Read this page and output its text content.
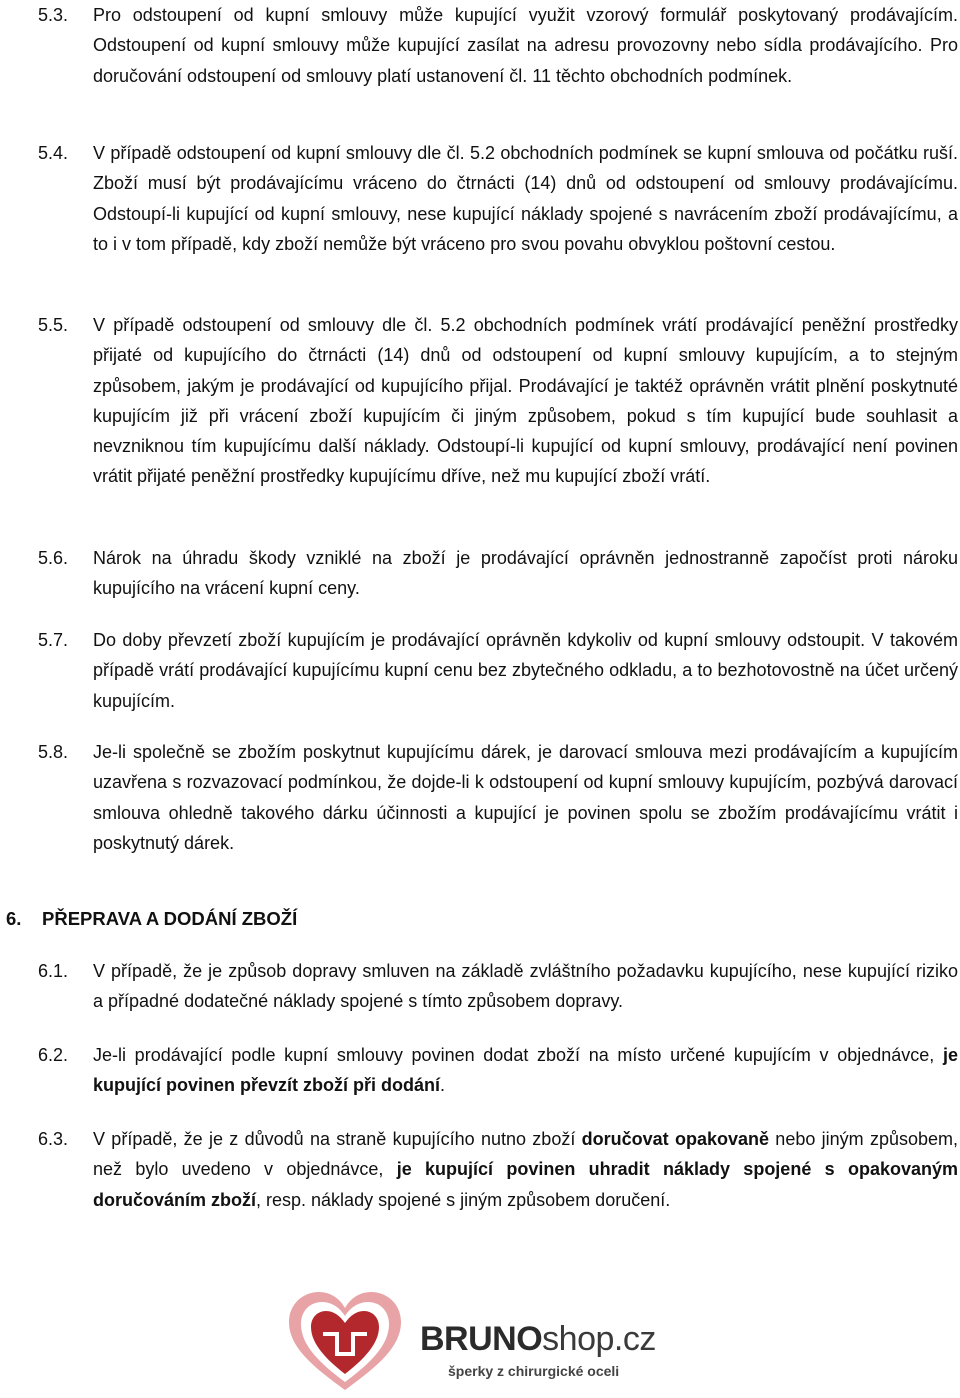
5.3. Pro odstoupení od kupní smlouvy může kupující využit vzorový formulář poskytovaný prodávajícím. Odstoupení od kupní smlouvy může kupující zasílat na adresu provozovny nebo sídla prodávajícího. Pro doručování odstoupení od smlouvy platí ustanovení čl. 11 těchto obchodních podmínek.
5.4. V případě odstoupení od kupní smlouvy dle čl. 5.2 obchodních podmínek se kupní smlouva od počátku ruší. Zboží musí být prodávajícímu vráceno do čtrnácti (14) dnů od odstoupení od smlouvy prodávajícímu. Odstoupí-li kupující od kupní smlouvy, nese kupující náklady spojené s navrácením zboží prodávajícímu, a to i v tom případě, kdy zboží nemůže být vráceno pro svou povahu obvyklou poštovní cestou.
5.5. V případě odstoupení od smlouvy dle čl. 5.2 obchodních podmínek vrátí prodávající peněžní prostředky přijaté od kupujícího do čtrnácti (14) dnů od odstoupení od kupní smlouvy kupujícím, a to stejným způsobem, jakým je prodávající od kupujícího přijal. Prodávající je taktéž oprávněn vrátit plnění poskytnuté kupujícím již při vrácení zboží kupujícím či jiným způsobem, pokud s tím kupující bude souhlasit a nevzniknou tím kupujícímu další náklady. Odstoupí-li kupující od kupní smlouvy, prodávající není povinen vrátit přijaté peněžní prostředky kupujícímu dříve, než mu kupující zboží vrátí.
5.6. Nárok na úhradu škody vzniklé na zboží je prodávající oprávněn jednostranně započíst proti nároku kupujícího na vrácení kupní ceny.
5.7. Do doby převzetí zboží kupujícím je prodávající oprávněn kdykoliv od kupní smlouvy odstoupit. V takovém případě vrátí prodávající kupujícímu kupní cenu bez zbytečného odkladu, a to bezhotovostně na účet určený kupujícím.
5.8. Je-li společně se zbožím poskytnut kupujícímu dárek, je darovací smlouva mezi prodávajícím a kupujícím uzavřena s rozvazovací podmínkou, že dojde-li k odstoupení od kupní smlouvy kupujícím, pozbývá darovací smlouva ohledně takového dárku účinnosti a kupující je povinen spolu se zbožím prodávajícímu vrátit i poskytnutý dárek.
6. PŘEPRAVA A DODÁNÍ ZBOŽÍ
6.1. V případě, že je způsob dopravy smluven na základě zvláštního požadavku kupujícího, nese kupující riziko a případné dodatečné náklady spojené s tímto způsobem dopravy.
6.2. Je-li prodávající podle kupní smlouvy povinen dodat zboží na místo určené kupujícím v objednávce, je kupující povinen převzít zboží při dodání.
6.3. V případě, že je z důvodů na straně kupujícího nutno zboží doručovat opakovaně nebo jiným způsobem, než bylo uvedeno v objednávce, je kupující povinen uhradit náklady spojené s opakovaným doručováním zboží, resp. náklady spojené s jiným způsobem doručení.
BRUNOshop.cz
šperky z chirurgické oceli
